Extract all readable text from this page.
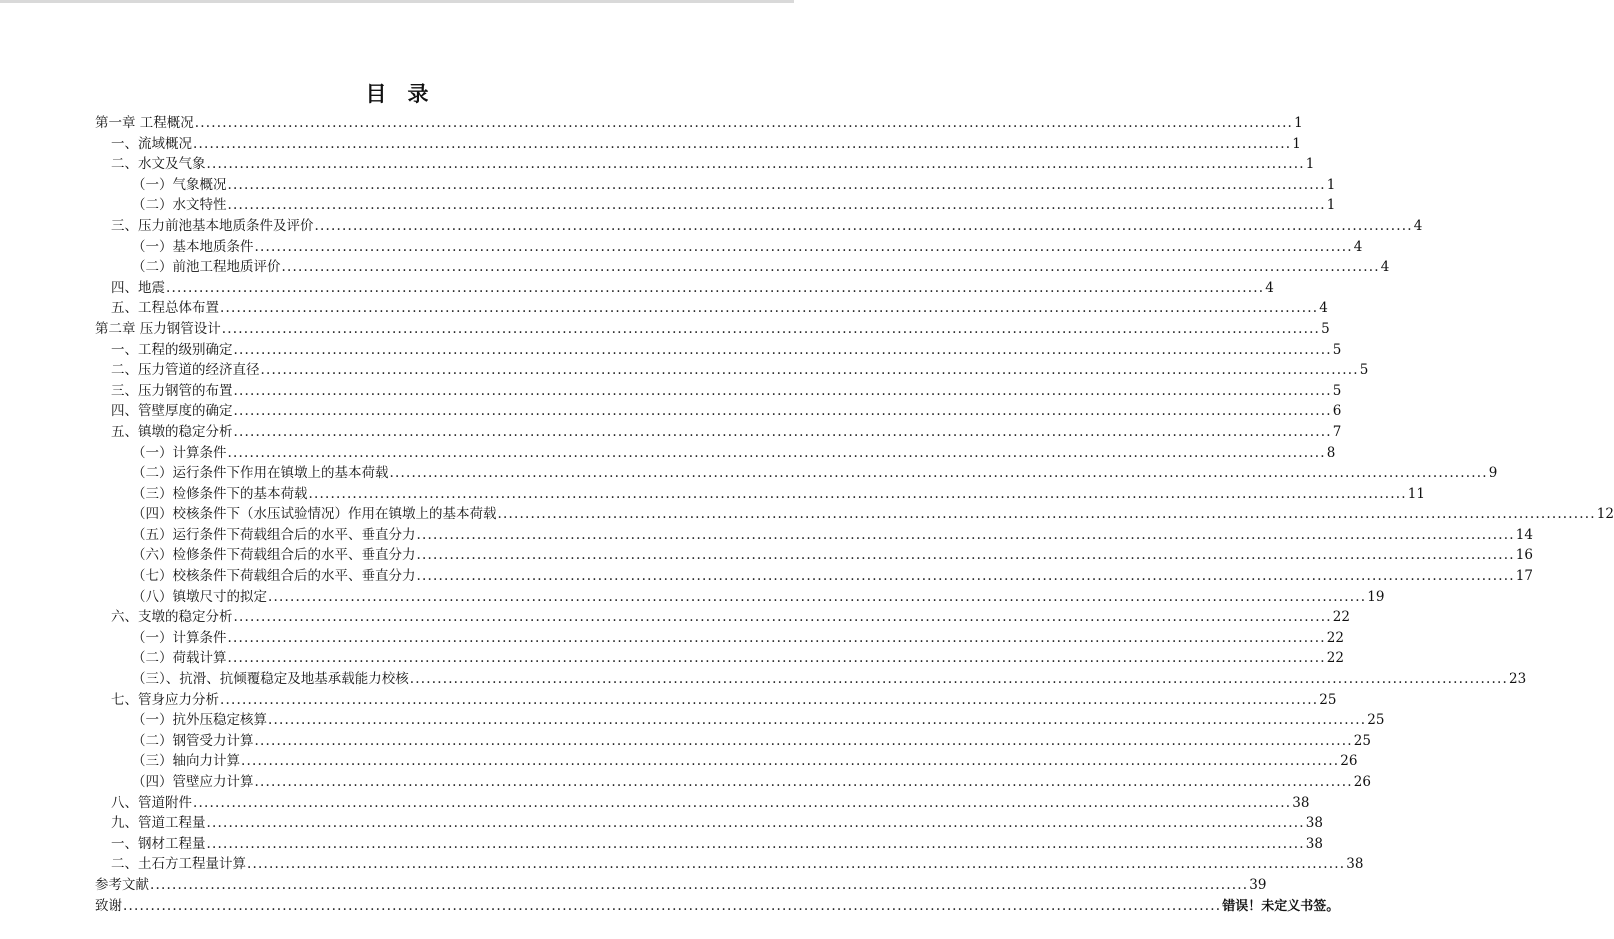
目　录
第一章 工程概况 ........................................................................................................................................................................................................ 1
一、流域概况 ........................................................................................................................................................................................................ 1
二、水文及气象 ........................................................................................................................................................................................................ 1
（一）气象概况 ........................................................................................................................................................................................................ 1
（二）水文特性 ........................................................................................................................................................................................................ 1
三、压力前池基本地质条件及评价 ........................................................................................................................................................................................................ 4
（一）基本地质条件 ........................................................................................................................................................................................................ 4
（二）前池工程地质评价 ........................................................................................................................................................................................................ 4
四、地震 ........................................................................................................................................................................................................ 4
五、工程总体布置 ........................................................................................................................................................................................................ 4
第二章 压力钢管设计 ........................................................................................................................................................................................................ 5
一、工程的级别确定 ........................................................................................................................................................................................................ 5
二、压力管道的经济直径 ........................................................................................................................................................................................................ 5
三、压力钢管的布置 ........................................................................................................................................................................................................ 5
四、管壁厚度的确定 ........................................................................................................................................................................................................ 6
五、镇墩的稳定分析 ........................................................................................................................................................................................................ 7
（一）计算条件 ........................................................................................................................................................................................................ 8
（二）运行条件下作用在镇墩上的基本荷载 ........................................................................................................................................................................................................ 9
（三）检修条件下的基本荷载 ........................................................................................................................................................................................................ 11
（四）校核条件下（水压试验情况）作用在镇墩上的基本荷载 ........................................................................................................................................................................................................ 12
（五）运行条件下荷载组合后的水平、垂直分力 ........................................................................................................................................................................................................ 14
（六）检修条件下荷载组合后的水平、垂直分力 ........................................................................................................................................................................................................ 16
（七）校核条件下荷载组合后的水平、垂直分力 ........................................................................................................................................................................................................ 17
（八）镇墩尺寸的拟定 ........................................................................................................................................................................................................ 19
六、支墩的稳定分析 ........................................................................................................................................................................................................ 22
（一）计算条件 ........................................................................................................................................................................................................ 22
（二）荷载计算 ........................................................................................................................................................................................................ 22
（三）、抗滑、抗倾覆稳定及地基承载能力校核 ........................................................................................................................................................................................................ 23
七、管身应力分析 ........................................................................................................................................................................................................ 25
（一）抗外压稳定核算 ........................................................................................................................................................................................................ 25
（二）钢管受力计算 ........................................................................................................................................................................................................ 25
（三）轴向力计算 ........................................................................................................................................................................................................ 26
（四）管壁应力计算 ........................................................................................................................................................................................................ 26
八、管道附件 ........................................................................................................................................................................................................ 38
九、管道工程量 ........................................................................................................................................................................................................ 38
一、钢材工程量 ........................................................................................................................................................................................................ 38
二、土石方工程量计算 ........................................................................................................................................................................................................ 38
参考文献 ........................................................................................................................................................................................................ 39
致谢 ........................................................................................................................................................................................................ 错误！未定义书签。
